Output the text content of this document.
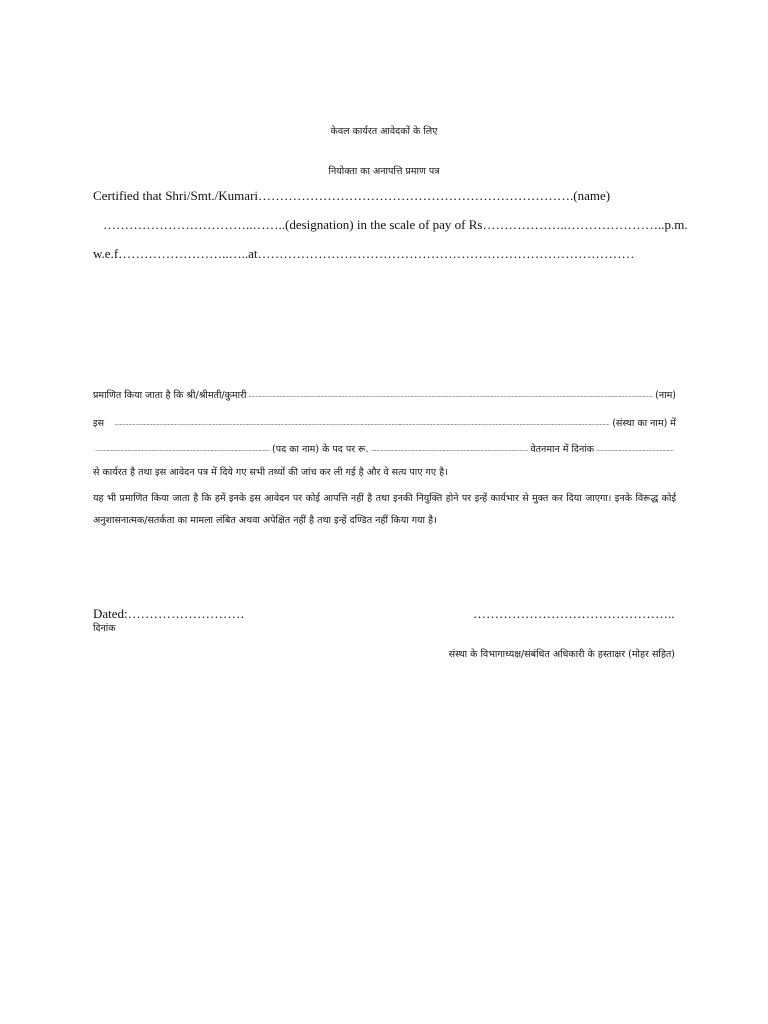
केवल कार्यरत आवेदकों के लिए
नियोक्ता का अनापत्ति प्रमाण पत्र
Certified that Shri/Smt./Kumari……………………………………………………………….(name)
……………………………..……..(designation) in the scale of pay of Rs………………..…………………..p.m.
w.e.f……………………..…..at……………………………………………………………………………
प्रमाणित किया जाता है कि श्री/श्रीमती/कुमारी .....	(नाम)
इस .....	(संस्था का नाम) में
.....
(पद का नाम) के पद पर रू. .....	वेतनमान में दिनांक
.....
से कार्यरत है तथा इस आवेदन पत्र में दिये गए सभी तथ्यों की जांच कर ली गई है और वे सत्य पाए गए है।
यह भी प्रमाणित किया जाता है कि हमें इनके इस आवेदन पर कोई आपत्ति नहीं है तथा इनकी नियुक्ति होने पर इन्हें कार्यभार से मुक्त कर दिया जाएगा। इनके विरूद्ध कोई अनुशासनात्मक/सतर्कता का मामला लंबित अथवा अपेक्षित नहीं है तथा इन्हें दण्डित नहीं किया गया है।
Dated:………………………
दिनांक
………………………………………..
संस्था के विभागाध्यक्ष/संबंधित अधिकारी के हस्ताक्षर (मोहर सहित)
